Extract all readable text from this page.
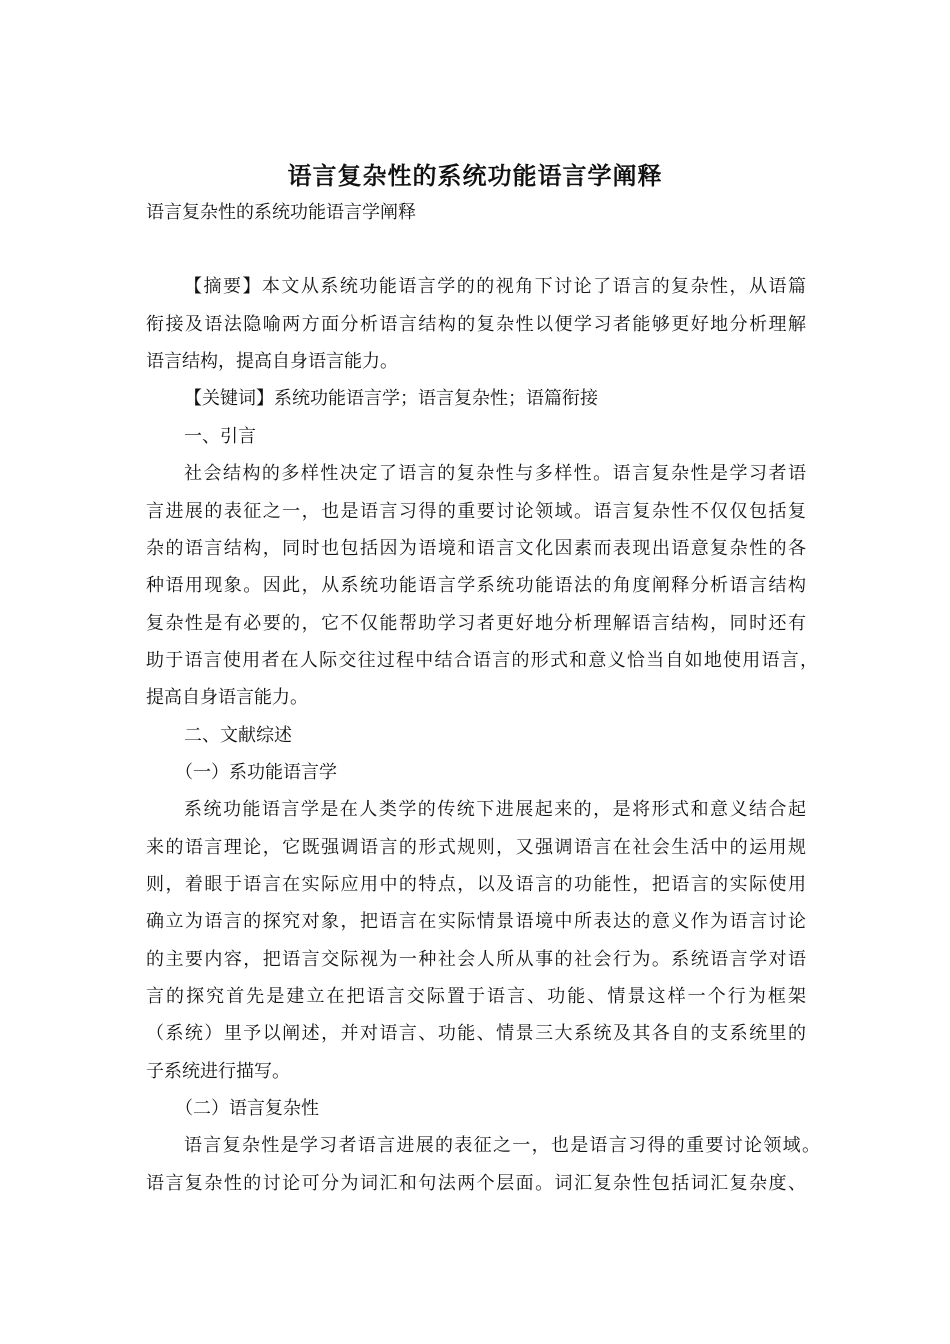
语言复杂性的系统功能语言学阐释
语言复杂性的系统功能语言学阐释
【摘要】本文从系统功能语言学的的视角下讨论了语言的复杂性，从语篇
衔接及语法隐喻两方面分析语言结构的复杂性以便学习者能够更好地分析理解
语言结构，提高自身语言能力。
【关键词】系统功能语言学；语言复杂性；语篇衔接
一、引言
社会结构的多样性决定了语言的复杂性与多样性。语言复杂性是学习者语
言进展的表征之一，也是语言习得的重要讨论领域。语言复杂性不仅仅包括复
杂的语言结构，同时也包括因为语境和语言文化因素而表现出语意复杂性的各
种语用现象。因此，从系统功能语言学系统功能语法的角度阐释分析语言结构
复杂性是有必要的，它不仅能帮助学习者更好地分析理解语言结构，同时还有
助于语言使用者在人际交往过程中结合语言的形式和意义恰当自如地使用语言，
提高自身语言能力。
二、文献综述
（一）系功能语言学
系统功能语言学是在人类学的传统下进展起来的，是将形式和意义结合起
来的语言理论，它既强调语言的形式规则，又强调语言在社会生活中的运用规
则，着眼于语言在实际应用中的特点，以及语言的功能性，把语言的实际使用
确立为语言的探究对象，把语言在实际情景语境中所表达的意义作为语言讨论
的主要内容，把语言交际视为一种社会人所从事的社会行为。系统语言学对语
言的探究首先是建立在把语言交际置于语言、功能、情景这样一个行为框架
（系统）里予以阐述，并对语言、功能、情景三大系统及其各自的支系统里的
子系统进行描写。
（二）语言复杂性
语言复杂性是学习者语言进展的表征之一，也是语言习得的重要讨论领域。
语言复杂性的讨论可分为词汇和句法两个层面。词汇复杂性包括词汇复杂度、
